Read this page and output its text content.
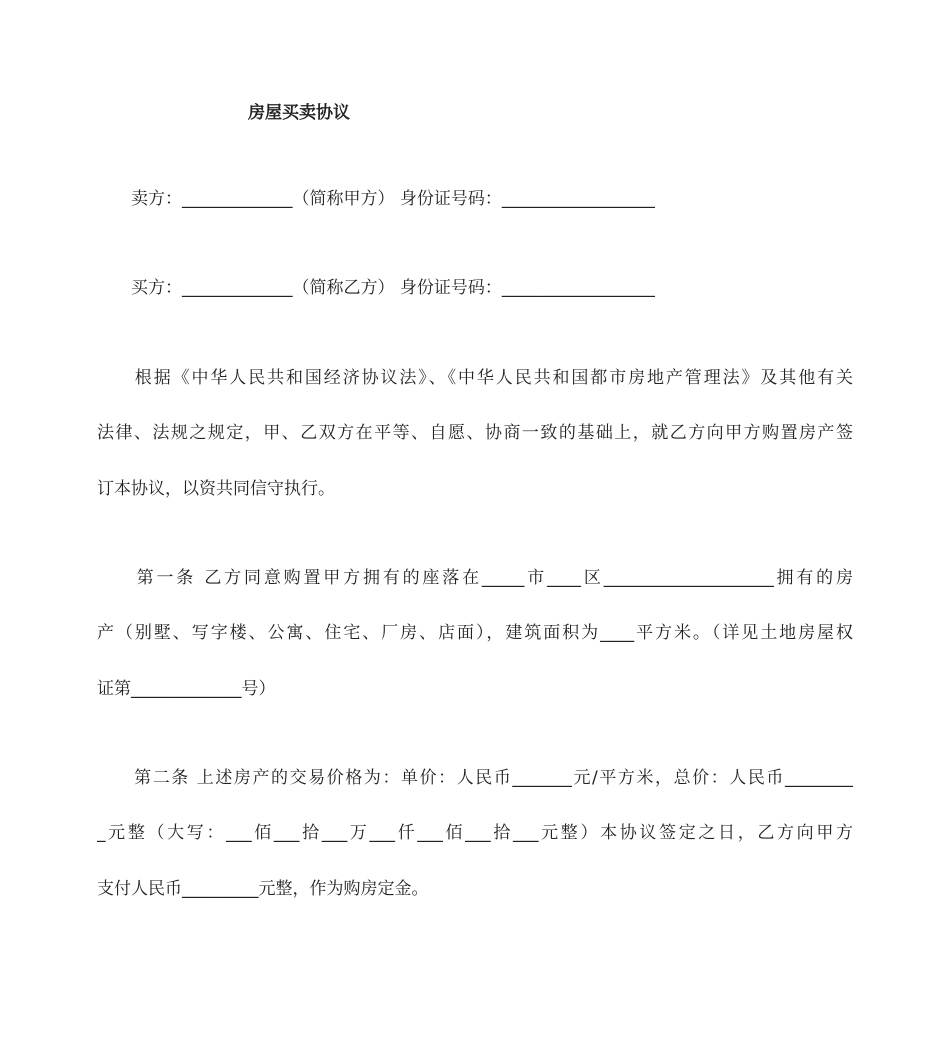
房屋买卖协议
　　卖方：_____________（简称甲方） 身份证号码：__________________
　　买方：_____________（简称乙方） 身份证号码：__________________
　　根据《中华人民共和国经济协议法》、《中华人民共和国都市房地产管理法》及其他有关
法律、法规之规定，甲、乙双方在平等、自愿、协商一致的基础上，就乙方向甲方购置房产签
订本协议，以资共同信守执行。
　　第一条 乙方同意购置甲方拥有的座落在_____市____区____________________拥有的房
产（别墅、写字楼、公寓、住宅、厂房、店面），建筑面积为____平方米。（详见土地房屋权
证第_____________号）
　　第二条 上述房产的交易价格为：单价：人民币_______元/平方米，总价：人民币________
_元整（大写：___佰___拾___万___仟___佰___拾___元整）本协议签定之日，乙方向甲方
支付人民币_________元整，作为购房定金。
